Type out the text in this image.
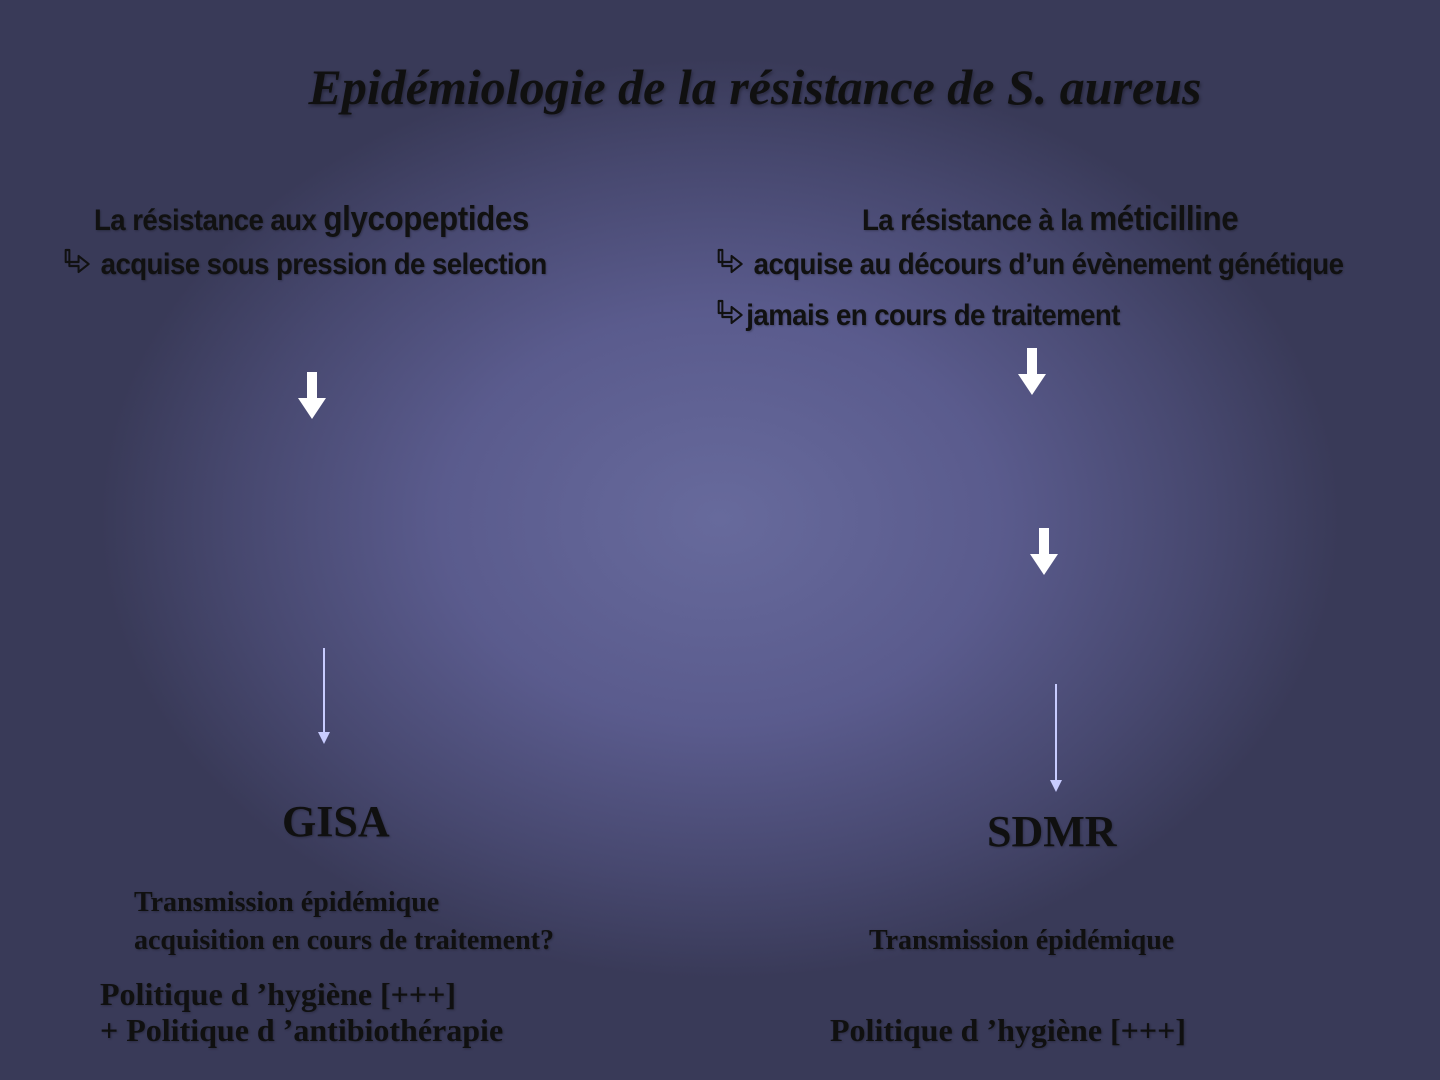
Epidémiologie de la résistance de S. aureus
La résistance aux glycopeptides
acquise sous pression de selection
GISA
Transmission épidémique
acquisition en cours de traitement?
Politique d ’hygiène [+++]
+ Politique d ’antibiothérapie
La résistance à la méticilline
acquise au décours d’un évènement génétique
jamais en cours de traitement
SDMR
Transmission épidémique
Politique d ’hygiène [+++]
